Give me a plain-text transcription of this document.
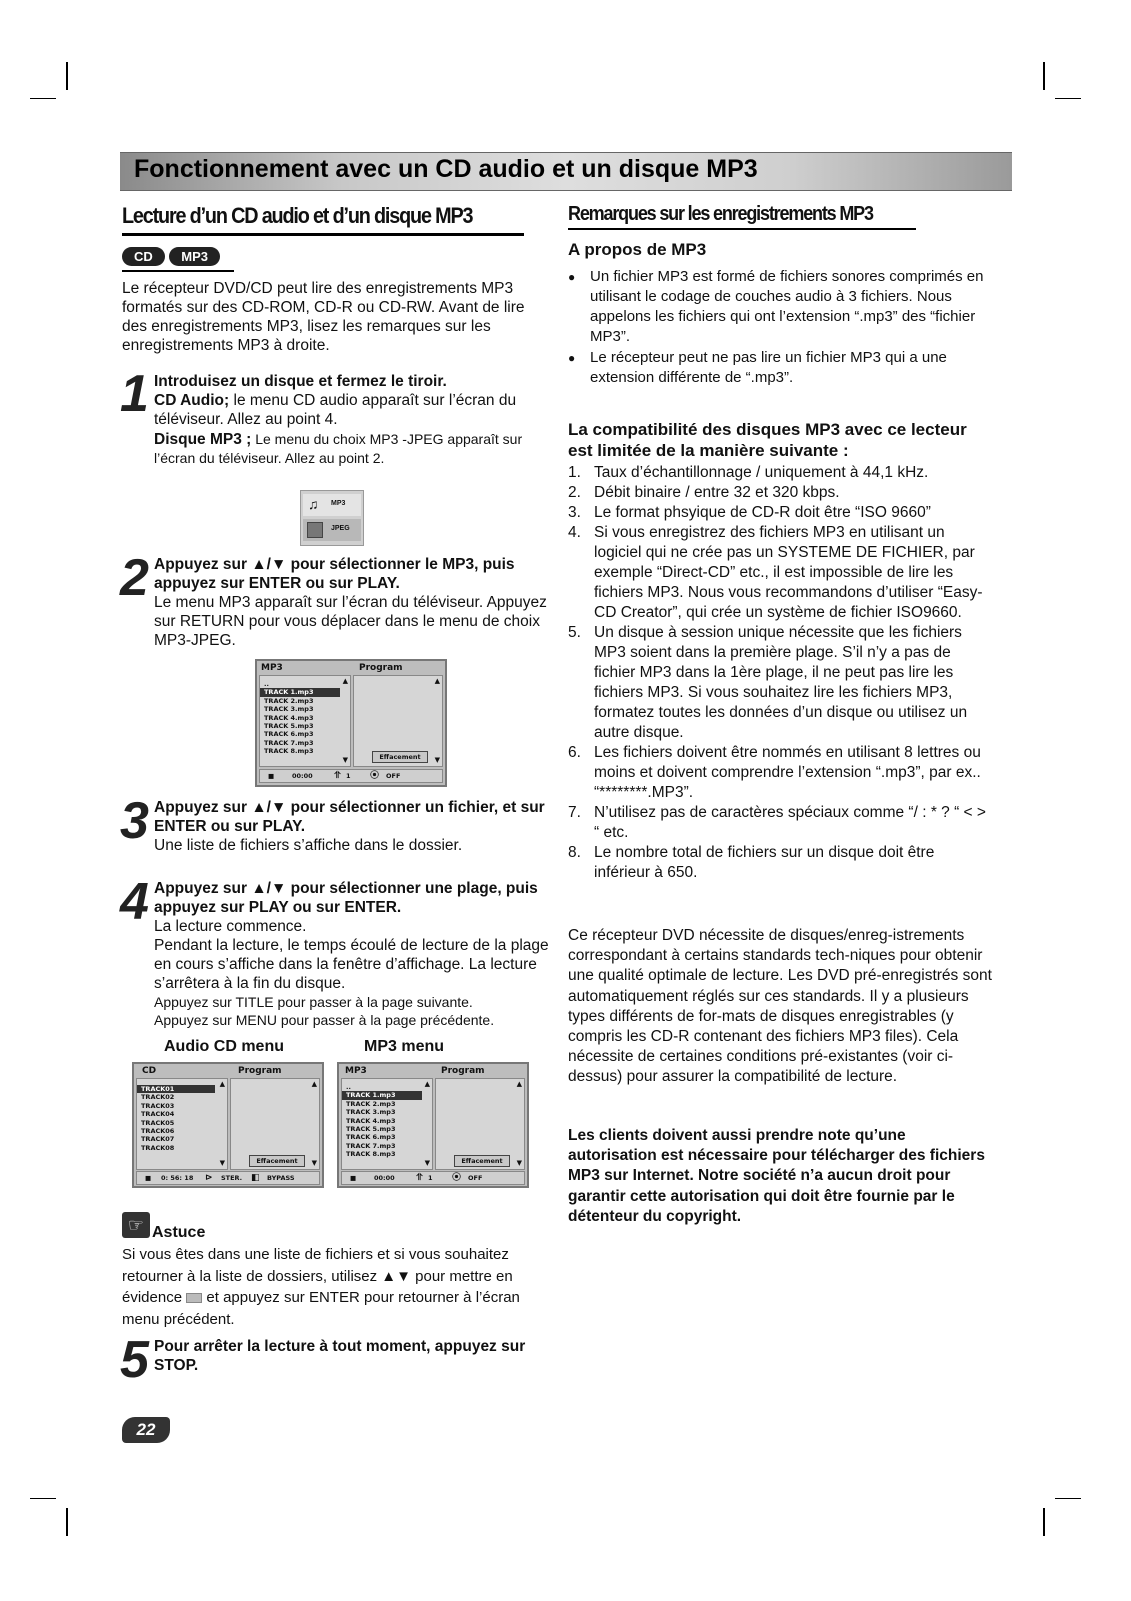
Fonctionnement avec un CD audio et un disque MP3
Lecture d’un CD audio et d’un disque MP3
CD MP3
Le récepteur DVD/CD peut lire des enregistrements MP3 formatés sur des CD-ROM, CD-R ou CD-RW. Avant de lire des enregistrements MP3, lisez les remarques sur les enregistrements MP3 à droite.
1 Introduisez un disque et fermez le tiroir.
CD Audio; le menu CD audio apparaît sur l’écran du téléviseur. Allez au point 4.
Disque MP3 ; Le menu du choix MP3 -JPEG apparaît sur l’écran du téléviseur. Allez au point 2.
♫ MP3
JPEG
2 Appuyez sur ▲/▼ pour sélectionner le MP3, puis appuyez sur ENTER ou sur PLAY.
Le menu MP3 apparaît sur l’écran du téléviseur. Appuyez sur RETURN pour vous déplacer dans le menu de choix MP3-JPEG.
MP3	Program
..
TRACK 1.mp3
TRACK 2.mp3
TRACK 3.mp3
TRACK 4.mp3
TRACK 5.mp3
TRACK 6.mp3
TRACK 7.mp3
TRACK 8.mp3
▲
▼
▲
▼
Effacement
■	00:00 ⥣ 1 ⦿ OFF
3 Appuyez sur ▲/▼ pour sélectionner un fichier, et sur ENTER ou sur PLAY.
Une liste de fichiers s’affiche dans le dossier.
4 Appuyez sur ▲/▼ pour sélectionner une plage, puis appuyez sur PLAY ou sur ENTER.
La lecture commence.
Pendant la lecture, le temps écoulé de lecture de la plage en cours s’affiche dans la fenêtre d’affichage. La lecture s’arrêtera à la fin du disque.
Appuyez sur TITLE pour passer à la page suivante.
Appuyez sur MENU pour passer à la page précédente.
Audio CD menu	MP3 menu
CD	Program
TRACK01
TRACK02
TRACK03
TRACK04
TRACK05
TRACK06
TRACK07
TRACK08
▲
▼
▲
▼
Effacement
■ 0: 56: 18 ⊳ STER. ◧ BYPASS
MP3	Program
..
TRACK 1.mp3
TRACK 2.mp3
TRACK 3.mp3
TRACK 4.mp3
TRACK 5.mp3
TRACK 6.mp3
TRACK 7.mp3
TRACK 8.mp3
▲
▼
▲
▼
Effacement
■	00:00 ⥣ 1 ⦿ OFF
☞ Astuce
Si vous êtes dans une liste de fichiers et si vous souhaitez retourner à la liste de dossiers, utilisez ▲▼ pour mettre en évidence et appuyez sur ENTER pour retourner à l’écran menu précédent.
5 Pour arrêter la lecture à tout moment, appuyez sur STOP.
22
Remarques sur les enregistrements MP3
A propos de MP3
● Un fichier MP3 est formé de fichiers sonores comprimés en utilisant le codage de couches audio à 3 fichiers. Nous appelons les fichiers qui ont l’extension “.mp3” des “fichier MP3”.
● Le récepteur peut ne pas lire un fichier MP3 qui a une extension différente de “.mp3”.
La compatibilité des disques MP3 avec ce lecteur est limitée de la manière suivante :
1. Taux d’échantillonnage / uniquement à 44,1 kHz.
2. Débit binaire / entre 32 et 320 kbps.
3. Le format phsyique de CD-R doit être “ISO 9660”
4. Si vous enregistrez des fichiers MP3 en utilisant un logiciel qui ne crée pas un SYSTEME DE FICHIER, par exemple “Direct-CD” etc., il est impossible de lire les fichiers MP3. Nous vous recommandons d’utiliser “Easy-CD Creator”, qui crée un système de fichier ISO9660.
5. Un disque à session unique nécessite que les fichiers MP3 soient dans la première plage. S’il n’y a pas de fichier MP3 dans la 1ère plage, il ne peut pas lire les fichiers MP3. Si vous souhaitez lire les fichiers MP3, formatez toutes les données d’un disque ou utilisez un autre disque.
6. Les fichiers doivent être nommés en utilisant 8 lettres ou moins et doivent comprendre l’extension “.mp3”, par ex.. “********.MP3”.
7. N’utilisez pas de caractères spéciaux comme “/ : * ? “ < > “ etc.
8. Le nombre total de fichiers sur un disque doit être inférieur à 650.
Ce récepteur DVD nécessite de disques/enreg-istrements correspondant à certains standards tech-niques pour obtenir une qualité optimale de lecture. Les DVD pré-enregistrés sont automatiquement réglés sur ces standards. Il y a plusieurs types différents de for-mats de disques enregistrables (y compris les CD-R contenant des fichiers MP3 files). Cela nécessite de certaines conditions pré-existantes (voir ci-dessus) pour assurer la compatibilité de lecture.
Les clients doivent aussi prendre note qu’une autorisation est nécessaire pour télécharger des fichiers MP3 sur Internet. Notre société n’a aucun droit pour garantir cette autorisation qui doit être fournie par le détenteur du copyright.
